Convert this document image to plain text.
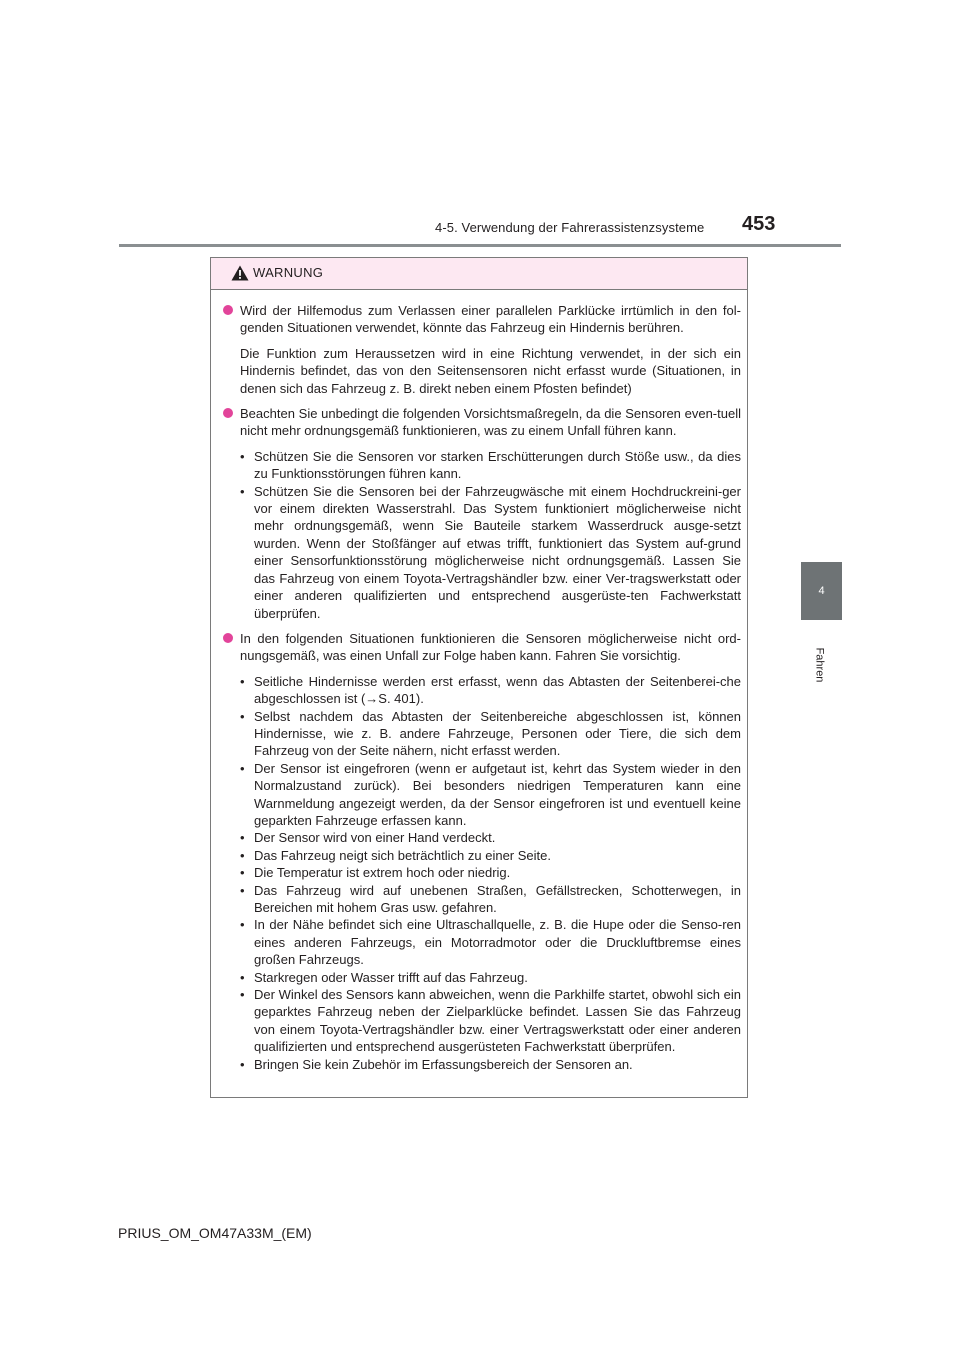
4-5. Verwendung der Fahrerassistenzsysteme 453
4
Fahren
WARNUNG
Wird der Hilfemodus zum Verlassen einer parallelen Parklücke irrtümlich in den fol-genden Situationen verwendet, könnte das Fahrzeug ein Hindernis berühren.
Die Funktion zum Heraussetzen wird in eine Richtung verwendet, in der sich ein Hindernis befindet, das von den Seitensensoren nicht erfasst wurde (Situationen, in denen sich das Fahrzeug z. B. direkt neben einem Pfosten befindet)
Beachten Sie unbedingt die folgenden Vorsichtsmaßregeln, da die Sensoren even-tuell nicht mehr ordnungsgemäß funktionieren, was zu einem Unfall führen kann.
• Schützen Sie die Sensoren vor starken Erschütterungen durch Stöße usw., da dies zu Funktionsstörungen führen kann.
• Schützen Sie die Sensoren bei der Fahrzeugwäsche mit einem Hochdruckreini-ger vor einem direkten Wasserstrahl. Das System funktioniert möglicherweise nicht mehr ordnungsgemäß, wenn Sie Bauteile starkem Wasserdruck ausge-setzt wurden. Wenn der Stoßfänger auf etwas trifft, funktioniert das System auf-grund einer Sensorfunktionsstörung möglicherweise nicht ordnungsgemäß. Lassen Sie das Fahrzeug von einem Toyota-Vertragshändler bzw. einer Ver-tragswerkstatt oder einer anderen qualifizierten und entsprechend ausgerüste-ten Fachwerkstatt überprüfen.
In den folgenden Situationen funktionieren die Sensoren möglicherweise nicht ord-nungsgemäß, was einen Unfall zur Folge haben kann. Fahren Sie vorsichtig.
• Seitliche Hindernisse werden erst erfasst, wenn das Abtasten der Seitenberei-che abgeschlossen ist (→S. 401).
• Selbst nachdem das Abtasten der Seitenbereiche abgeschlossen ist, können Hindernisse, wie z. B. andere Fahrzeuge, Personen oder Tiere, die sich dem Fahrzeug von der Seite nähern, nicht erfasst werden.
• Der Sensor ist eingefroren (wenn er aufgetaut ist, kehrt das System wieder in den Normalzustand zurück). Bei besonders niedrigen Temperaturen kann eine Warnmeldung angezeigt werden, da der Sensor eingefroren ist und eventuell keine geparkten Fahrzeuge erfassen kann.
• Der Sensor wird von einer Hand verdeckt.
• Das Fahrzeug neigt sich beträchtlich zu einer Seite.
• Die Temperatur ist extrem hoch oder niedrig.
• Das Fahrzeug wird auf unebenen Straßen, Gefällstrecken, Schotterwegen, in Bereichen mit hohem Gras usw. gefahren.
• In der Nähe befindet sich eine Ultraschallquelle, z. B. die Hupe oder die Senso-ren eines anderen Fahrzeugs, ein Motorradmotor oder die Druckluftbremse eines großen Fahrzeugs.
• Starkregen oder Wasser trifft auf das Fahrzeug.
• Der Winkel des Sensors kann abweichen, wenn die Parkhilfe startet, obwohl sich ein geparktes Fahrzeug neben der Zielparklücke befindet. Lassen Sie das Fahrzeug von einem Toyota-Vertragshändler bzw. einer Vertragswerkstatt oder einer anderen qualifizierten und entsprechend ausgerüsteten Fachwerkstatt überprüfen.
• Bringen Sie kein Zubehör im Erfassungsbereich der Sensoren an.
PRIUS_OM_OM47A33M_(EM)
